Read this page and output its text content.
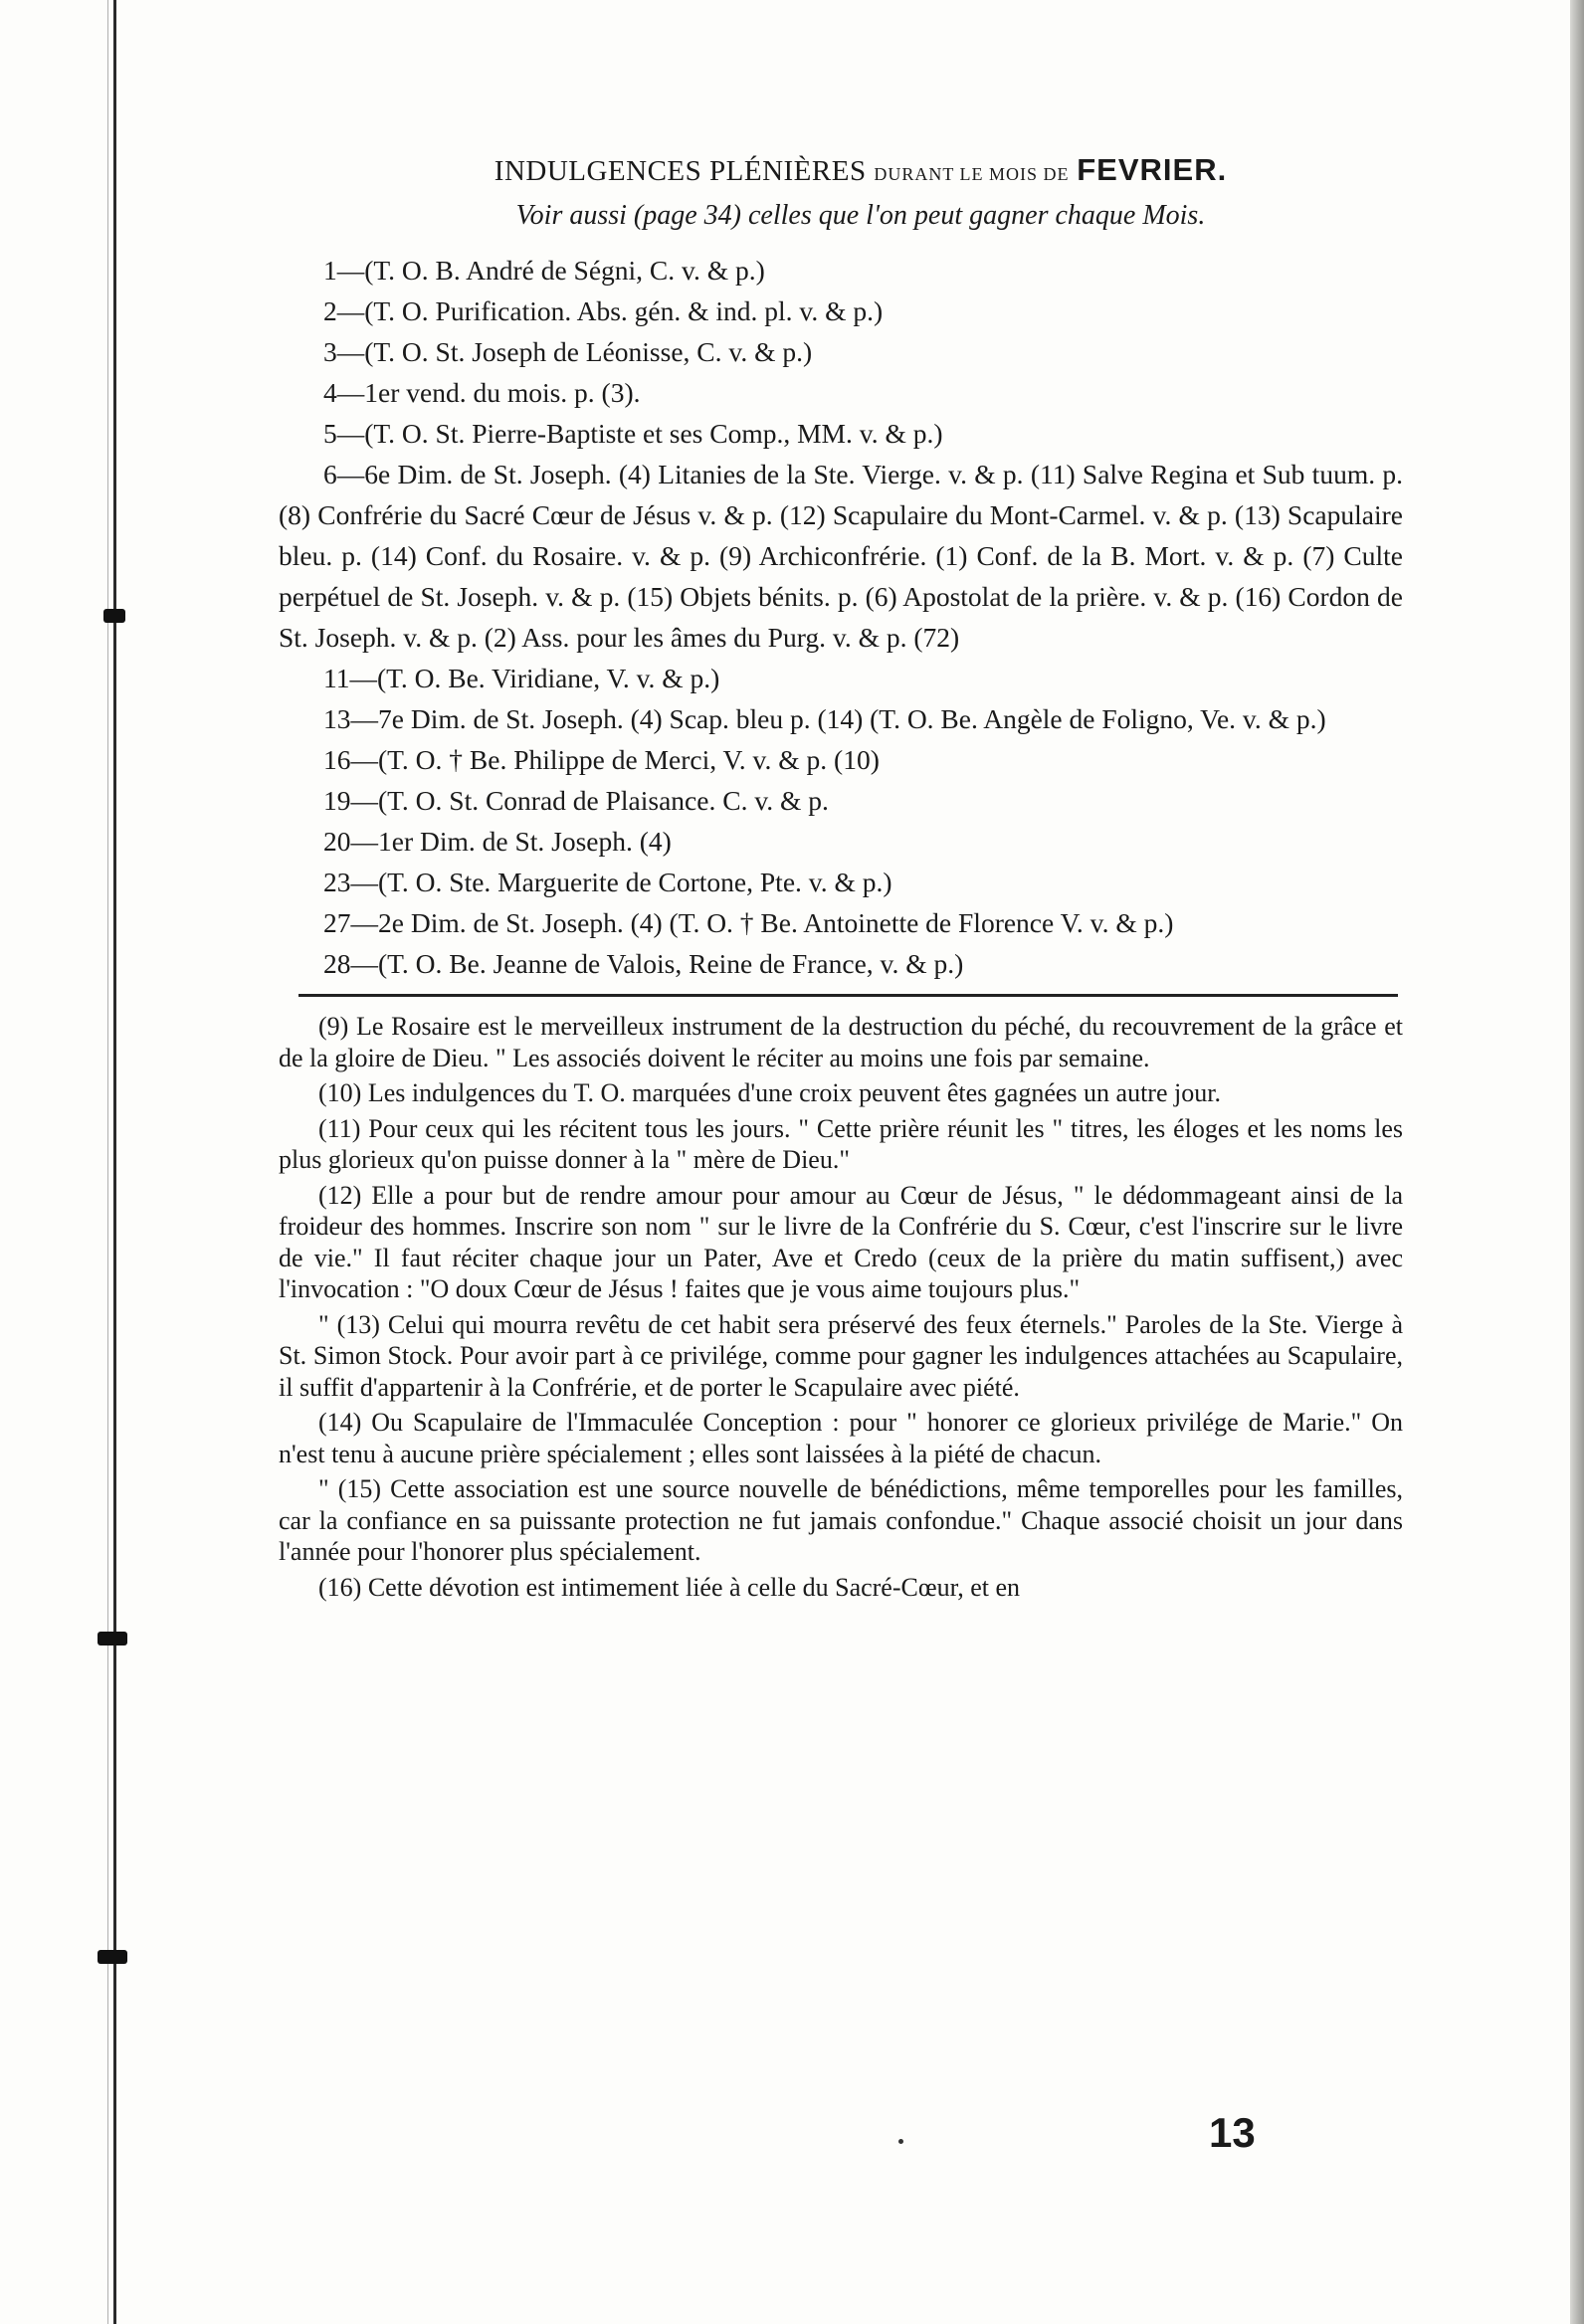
INDULGENCES PLÉNIÈRES DURANT LE MOIS DE FEVRIER.
Voir aussi (page 34) celles que l'on peut gagner chaque Mois.

1—(T. O. B. André de Ségni, C. v. & p.)

2—(T. O. Purification. Abs. gén. & ind. pl. v. & p.)

3—(T. O. St. Joseph de Léonisse, C. v. & p.)

4—1er vend. du mois. p. (3).

5—(T. O. St. Pierre-Baptiste et ses Comp., MM. v. & p.)

6—6e Dim. de St. Joseph. (4) Litanies de la Ste. Vierge. v. & p. (11) Salve Regina et Sub tuum. p. (8) Confrérie du Sacré Cœur de Jésus v. & p. (12) Scapulaire du Mont-Carmel. v. & p. (13) Scapulaire bleu. p. (14) Conf. du Rosaire. v. & p. (9) Archiconfrérie. (1) Conf. de la B. Mort. v. & p. (7) Culte perpétuel de St. Joseph. v. & p. (15) Objets bénits. p. (6) Apostolat de la prière. v. & p. (16) Cordon de St. Joseph. v. & p. (2) Ass. pour les âmes du Purg. v. & p. (72)

11—(T. O. Be. Viridiane, V. v. & p.)

13—7e Dim. de St. Joseph. (4) Scap. bleu p. (14) (T. O. Be. Angèle de Foligno, Ve. v. & p.)

16—(T. O. † Be. Philippe de Merci, V. v. & p. (10)

19—(T. O. St. Conrad de Plaisance. C. v. & p.

20—1er Dim. de St. Joseph. (4)

23—(T. O. Ste. Marguerite de Cortone, Pte. v. & p.)

27—2e Dim. de St. Joseph. (4) (T. O. † Be. Antoinette de Florence V. v. & p.)

28—(T. O. Be. Jeanne de Valois, Reine de France, v. & p.)

(9) Le Rosaire est le merveilleux instrument de la destruction du péché, du recouvrement de la grâce et de la gloire de Dieu. " Les associés doivent le réciter au moins une fois par semaine.

(10) Les indulgences du T. O. marquées d'une croix peuvent êtes gagnées un autre jour.

(11) Pour ceux qui les récitent tous les jours. " Cette prière réunit les " titres, les éloges et les noms les plus glorieux qu'on puisse donner à la " mère de Dieu."

(12) Elle a pour but de rendre amour pour amour au Cœur de Jésus, " le dédommageant ainsi de la froideur des hommes. Inscrire son nom " sur le livre de la Confrérie du S. Cœur, c'est l'inscrire sur le livre de vie." Il faut réciter chaque jour un Pater, Ave et Credo (ceux de la prière du matin suffisent,) avec l'invocation : "O doux Cœur de Jésus ! faites que je vous aime toujours plus."

" (13) Celui qui mourra revêtu de cet habit sera préservé des feux éternels." Paroles de la Ste. Vierge à St. Simon Stock. Pour avoir part à ce privilége, comme pour gagner les indulgences attachées au Scapulaire, il suffit d'appartenir à la Confrérie, et de porter le Scapulaire avec piété.

(14) Ou Scapulaire de l'Immaculée Conception : pour " honorer ce glorieux privilége de Marie." On n'est tenu à aucune prière spécialement ; elles sont laissées à la piété de chacun.

" (15) Cette association est une source nouvelle de bénédictions, même temporelles pour les familles, car la confiance en sa puissante protection ne fut jamais confondue." Chaque associé choisit un jour dans l'année pour l'honorer plus spécialement.

(16) Cette dévotion est intimement liée à celle du Sacré-Cœur, et en

13
